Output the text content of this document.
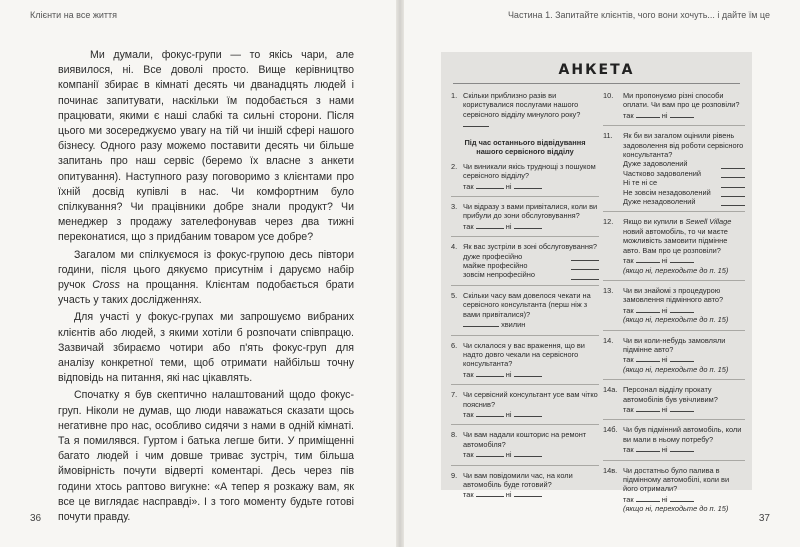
Клієнти на все життя	Частина 1. Запитайте клієнтів, чого вони хочуть... і дайте їм це

Ми думали, фокус-групи — то якісь чари, але виявилося, ні. Все доволі просто. Вище керівництво компанії збирає в кімнаті десять чи дванадцять людей і починає запитувати, наскільки їм подобається з нами працювати, якими є наші слабкі та сильні сторони. Після цього ми зосереджуємо увагу на тій чи іншій сфері нашого бізнесу. Одного разу можемо поставити десять чи більше запитань про наш сервіс (беремо їх власне з анкети опитування). Наступного разу поговоримо з клієнтами про їхній досвід купівлі в нас. Чи комфортним було спілкування? Чи працівники добре знали продукт? Чи менеджер з продажу зателефонував через два тижні переконатися, що з придбаним товаром усе добре?

Загалом ми спілкуємося із фокус-групою десь півтори години, після цього дякуємо присутнім і даруємо набір ручок Cross на прощання. Клієнтам подобається брати участь у таких дослідженнях.

Для участі у фокус-групах ми запрошуємо вибраних клієнтів або людей, з якими хотіли б розпочати співпрацю. Зазвичай збираємо чотири або п'ять фокус-груп для аналізу конкретної теми, щоб отримати найбільш точну відповідь на питання, які нас цікавлять.

Спочатку я був скептично налаштований щодо фокус-груп. Ніколи не думав, що люди наважаться сказати щось негативне про нас, особливо сидячи з нами в одній кімнаті. Та я помилявся. Гуртом і батька легше бити. У приміщенні багато людей і чим довше триває зустріч, тим більша ймовірність почути відверті коментарі. Десь через пів години хтось раптово вигукне: «А тепер я розкажу вам, як все це виглядає насправді». І з того моменту будьте готові почути правду.

36	37
АНКЕТА
1. Скільки приблизно разів ви користувалися послугами нашого сервісного відділу минулого року?
Під час останнього відвідування нашого сервісного відділу
2. Чи виникали якісь труднощі з пошуком сервісного відділу?
так	ні
3. Чи відразу з вами привіталися, коли ви прибули до зони обслуговування?
так	ні
4. Як вас зустріли в зоні обслуговування?
дуже професійно
майже професійно
зовсім непрофесійно
5. Скільки часу вам довелося чекати на сервісного консультанта (перш ніж з вами привіталися)?
хвилин
6. Чи склалося у вас враження, що ви надто довго чекали на сервісного консультанта?
так	ні
7. Чи сервісний консультант усе вам чітко пояснив?
так	ні
8. Чи вам надали кошторис на ремонт автомобіля?
так	ні
9. Чи вам повідомили час, на коли автомобіль буде готовий?
так	ні
10.	Ми пропонуємо різні способи оплати. Чи вам про це розповіли?
так	ні
11.	Як би ви загалом оцінили рівень задоволення від роботи сервісного консультанта?
Дуже задоволений
Частково задоволений
Ні те ні се
Не зовсім незадоволений
Дуже незадоволений
12.	Якщо ви купили в Sewell Village новий автомобіль, то чи маєте можливість замовити підмінне авто. Вам про це розповіли?
так	ні
(якщо ні, переходьте до п. 15)
13.	Чи ви знайомі з процедурою замовлення підмінного авто?
так	ні
(якщо ні, переходьте до п. 15)
14.	Чи ви коли-небудь замовляли підмінне авто?
так	ні
(якщо ні, переходьте до п. 15)
14а. Персонал відділу прокату автомобілів був увічливим?
так	ні
14б. Чи був підмінний автомобіль, коли ви мали в ньому потребу?
так	ні
14в. Чи достатньо було палива в підмінному автомобілі, коли ви його отримали?
так	ні
(якщо ні, переходьте до п. 15)
